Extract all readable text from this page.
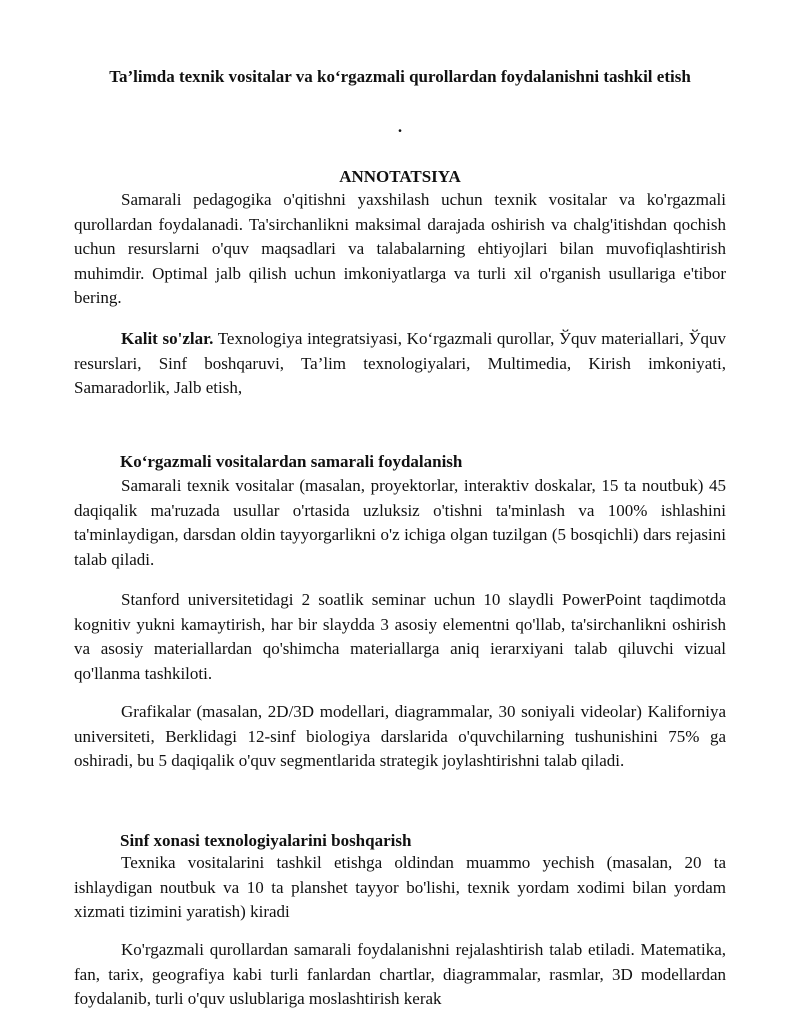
Ta’limda texnik vositalar va ko‘rgazmali qurollardan foydalanishni tashkil etish
.
ANNOTATSIYA

Samarali pedagogika o'qitishni yaxshilash uchun texnik vositalar va ko'rgazmali qurollardan foydalanadi. Ta'sirchanlikni maksimal darajada oshirish va chalg'itishdan qochish uchun resurslarni o'quv maqsadlari va talabalarning ehtiyojlari bilan muvofiqlashtirish muhimdir. Optimal jalb qilish uchun imkoniyatlarga va turli xil o'rganish usullariga e'tibor bering.

Kalit so'zlar. Texnologiya integratsiyasi, Ko‘rgazmali qurollar, Ўquv materiallari, Ўquv resurslari, Sinf boshqaruvi, Ta’lim texnologiyalari, Multimedia, Kirish imkoniyati, Samaradorlik, Jalb etish,

Ko‘rgazmali vositalardan samarali foydalanish

Samarali texnik vositalar (masalan, proyektorlar, interaktiv doskalar, 15 ta noutbuk) 45 daqiqalik ma'ruzada usullar o'rtasida uzluksiz o'tishni ta'minlash va 100% ishlashini ta'minlaydigan, darsdan oldin tayyorgarlikni o'z ichiga olgan tuzilgan (5 bosqichli) dars rejasini talab qiladi.

Stanford universitetidagi 2 soatlik seminar uchun 10 slaydli PowerPoint taqdimotda kognitiv yukni kamaytirish, har bir slaydda 3 asosiy elementni qo'llab, ta'sirchanlikni oshirish va asosiy materiallardan qo'shimcha materiallarga aniq ierarxiyani talab qiluvchi vizual qo'llanma tashkiloti.

Grafikalar (masalan, 2D/3D modellari, diagrammalar, 30 soniyali videolar) Kaliforniya universiteti, Berklidagi 12-sinf biologiya darslarida o'quvchilarning tushunishini 75% ga oshiradi, bu 5 daqiqalik o'quv segmentlarida strategik joylashtirishni talab qiladi.

Sinf xonasi texnologiyalarini boshqarish

Texnika vositalarini tashkil etishga oldindan muammo yechish (masalan, 20 ta ishlaydigan noutbuk va 10 ta planshet tayyor bo'lishi, texnik yordam xodimi bilan yordam xizmati tizimini yaratish) kiradi

Ko'rgazmali qurollardan samarali foydalanishni rejalashtirish talab etiladi. Matematika, fan, tarix, geografiya kabi turli fanlardan chartlar, diagrammalar, rasmlar, 3D modellardan foydalanib, turli o'quv uslublariga moslashtirish kerak
